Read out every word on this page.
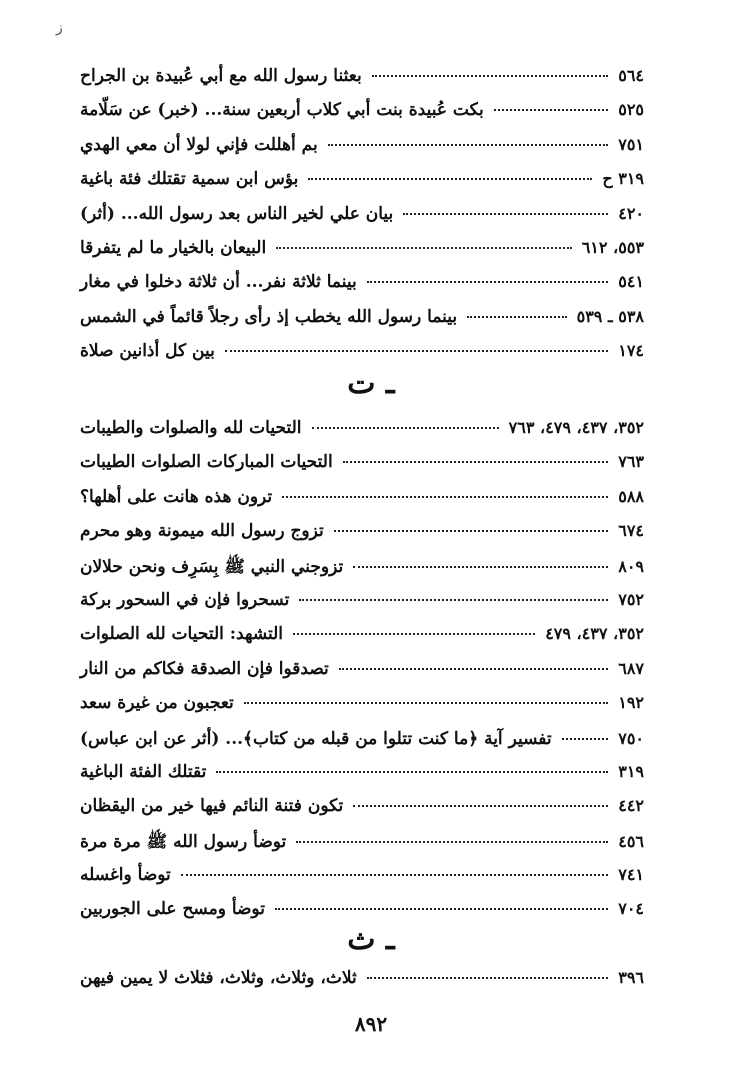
ز
بعثنا رسول الله مع أبي عُبيدة بن الجراح	٥٦٤
بكت عُبيدة بنت أبي كلاب أربعين سنة... (خبر) عن سَلّامة	٥٢٥
بم أهللت فإني لولا أن معي الهدي	٧٥١
بؤس ابن سمية تقتلك فئة باغية	٣١٩ ح
بيان علي لخير الناس بعد رسول الله... (أثر)	٤٢٠
البيعان بالخيار ما لم يتفرقا	٥٥٣، ٦١٢
بينما ثلاثة نفر... أن ثلاثة دخلوا في مغار	٥٤١
بينما رسول الله يخطب إذ رأى رجلاً قائماً في الشمس	٥٣٨ ـ ٥٣٩
بين كل أذانين صلاة	١٧٤
ـ ت
التحيات لله والصلوات والطيبات	٣٥٢، ٤٣٧، ٤٧٩، ٧٦٣
التحيات المباركات الصلوات الطيبات	٧٦٣
ترون هذه هانت على أهلها؟	٥٨٨
تزوج رسول الله ميمونة وهو محرم	٦٧٤
تزوجني النبي ﷺ بِسَرِف ونحن حلالان	٨٠٩
تسحروا فإن في السحور بركة	٧٥٢
التشهد: التحيات لله الصلوات	٣٥٢، ٤٣٧، ٤٧٩
تصدقوا فإن الصدقة فكاكم من النار	٦٨٧
تعجبون من غيرة سعد	١٩٢
تفسير آية ﴿ما كنت تتلوا من قبله من كتاب﴾... (أثر عن ابن عباس)	٧٥٠
تقتلك الفئة الباغية	٣١٩
تكون فتنة النائم فيها خير من اليقظان	٤٤٢
توضأ رسول الله ﷺ مرة مرة	٤٥٦
توضأ واغسله	٧٤١
توضأ ومسح على الجوربين	٧٠٤
ـ ث
ثلاث، وثلاث، وثلاث، فثلاث لا يمين فيهن	٣٩٦
٨٩٢
